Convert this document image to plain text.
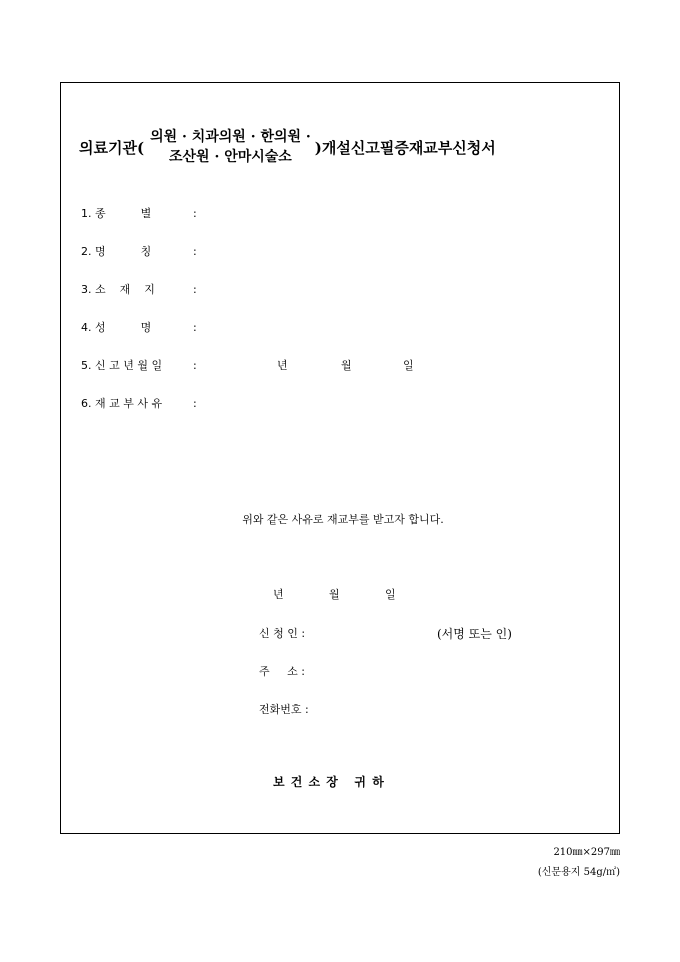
의료기관(
의원 · 치과의원 · 한의원 ·
조산원 · 안마시술소
)개설신고필증재교부신청서
1. 종          별	:
2. 명          칭	:
3. 소    재    지	:
4. 성          명	:
5. 신 고 년 월 일	:	년	월	일
6. 재 교 부 사 유	:
위와 같은 사유로 재교부를 받고자 합니다.
년	월	일
신 청 인 :	(서명 또는 인)
주     소 :
전화번호 :
보 건 소 장   귀 하
210㎜×297㎜
(신문용지 54g/㎡)
